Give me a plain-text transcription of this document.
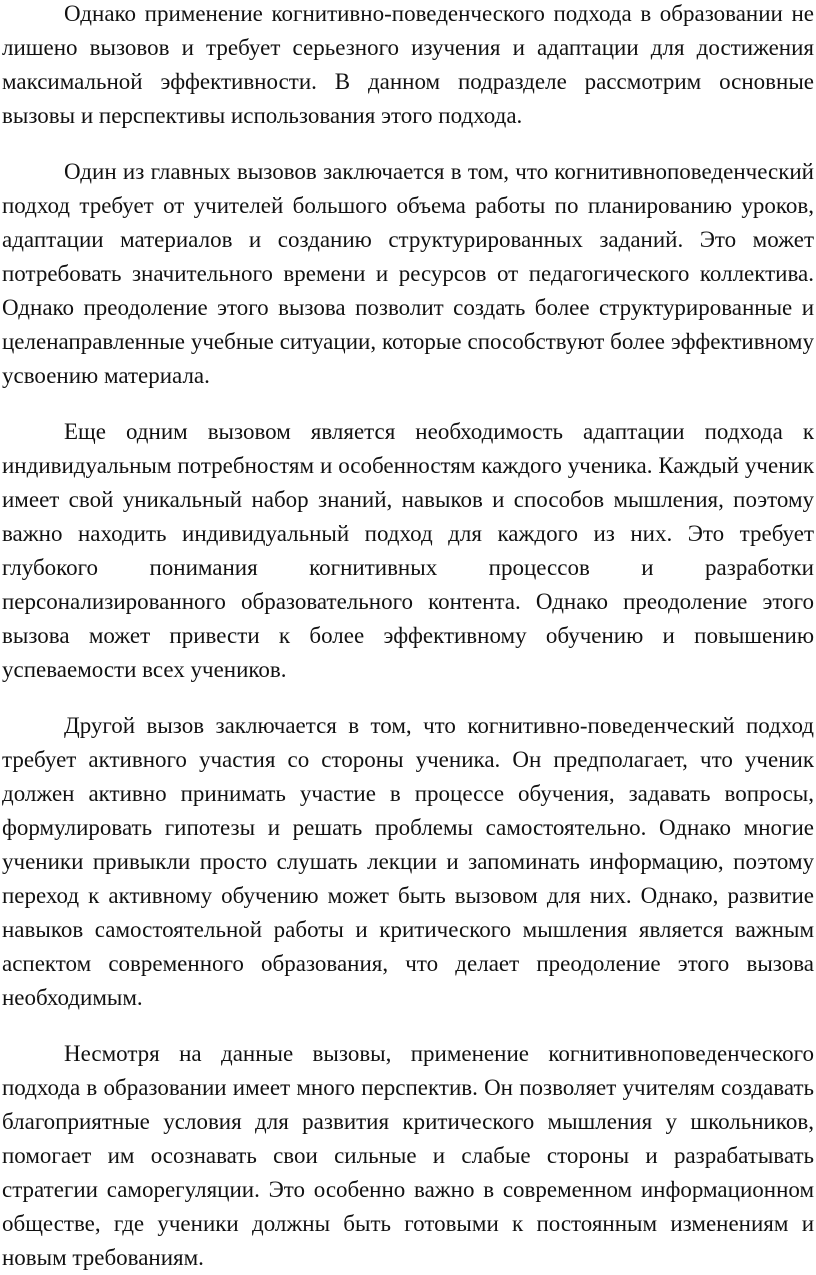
Однако применение когнитивно-поведенческого подхода в образовании не лишено вызовов и требует серьезного изучения и адаптации для достижения максимальной эффективности. В данном подразделе рассмотрим основные вызовы и перспективы использования этого подхода.

Один из главных вызовов заключается в том, что когнитивноповеденческий подход требует от учителей большого объема работы по планированию уроков, адаптации материалов и созданию структурированных заданий. Это может потребовать значительного времени и ресурсов от педагогического коллектива. Однако преодоление этого вызова позволит создать более структурированные и целенаправленные учебные ситуации, которые способствуют более эффективному усвоению материала.

Еще одним вызовом является необходимость адаптации подхода к индивидуальным потребностям и особенностям каждого ученика. Каждый ученик имеет свой уникальный набор знаний, навыков и способов мышления, поэтому важно находить индивидуальный подход для каждого из них. Это требует глубокого понимания когнитивных процессов и разработки персонализированного образовательного контента. Однако преодоление этого вызова может привести к более эффективному обучению и повышению успеваемости всех учеников.

Другой вызов заключается в том, что когнитивно-поведенческий подход требует активного участия со стороны ученика. Он предполагает, что ученик должен активно принимать участие в процессе обучения, задавать вопросы, формулировать гипотезы и решать проблемы самостоятельно. Однако многие ученики привыкли просто слушать лекции и запоминать информацию, поэтому переход к активному обучению может быть вызовом для них. Однако, развитие навыков самостоятельной работы и критического мышления является важным аспектом современного образования, что делает преодоление этого вызова необходимым.

Несмотря на данные вызовы, применение когнитивноповеденческого подхода в образовании имеет много перспектив. Он позволяет учителям создавать благоприятные условия для развития критического мышления у школьников, помогает им осознавать свои сильные и слабые стороны и разрабатывать стратегии саморегуляции. Это особенно важно в современном информационном обществе, где ученики должны быть готовыми к постоянным изменениям и новым требованиям.
